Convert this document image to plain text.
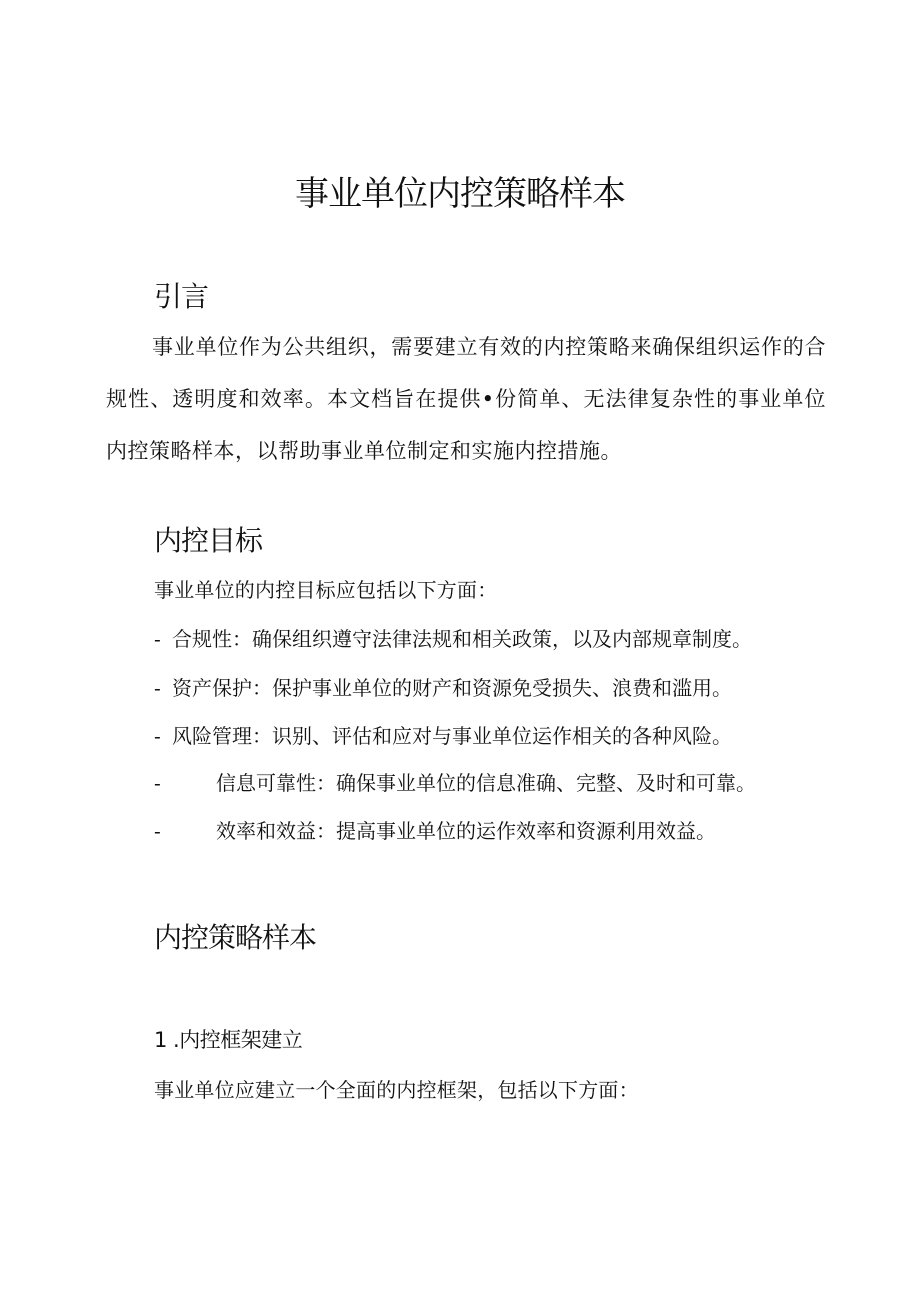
事业单位内控策略样本
引言
事业单位作为公共组织，需要建立有效的内控策略来确保组织运作的合规性、透明度和效率。本文档旨在提供•份简单、无法律复杂性的事业单位内控策略样本，以帮助事业单位制定和实施内控措施。
内控目标
事业单位的内控目标应包括以下方面：
- 合规性：确保组织遵守法律法规和相关政策，以及内部规章制度。
- 资产保护：保护事业单位的财产和资源免受损失、浪费和滥用。
- 风险管理：识别、评估和应对与事业单位运作相关的各种风险。
-	信息可靠性：确保事业单位的信息准确、完整、及时和可靠。
-	效率和效益：提高事业单位的运作效率和资源利用效益。
内控策略样本
1 .内控框架建立
事业单位应建立一个全面的内控框架，包括以下方面：
